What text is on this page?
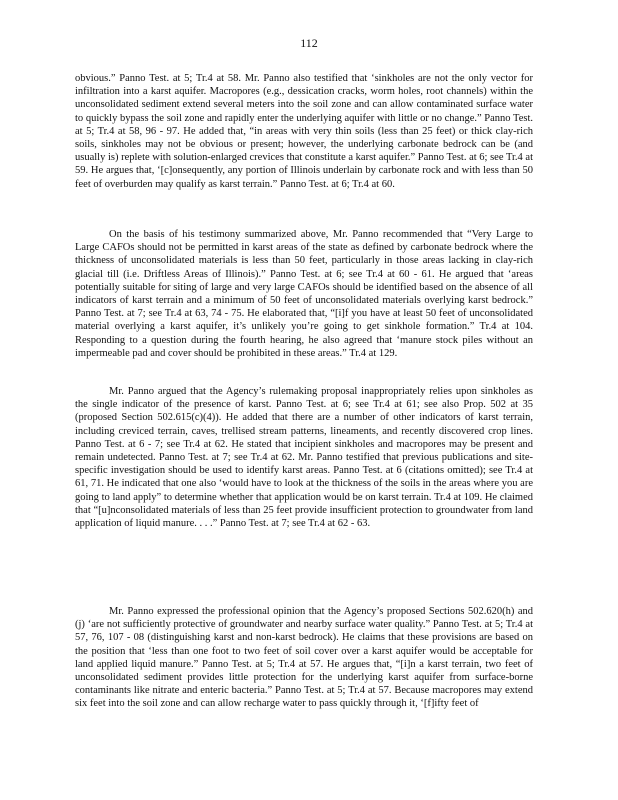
112

obvious.” Panno Test. at 5; Tr.4 at 58. Mr. Panno also testified that ‘sinkholes are not the only vector for infiltration into a karst aquifer. Macropores (e.g., dessication cracks, worm holes, root channels) within the unconsolidated sediment extend several meters into the soil zone and can allow contaminated surface water to quickly bypass the soil zone and rapidly enter the underlying aquifer with little or no change.” Panno Test. at 5; Tr.4 at 58, 96 - 97. He added that, “in areas with very thin soils (less than 25 feet) or thick clay-rich soils, sinkholes may not be obvious or present; however, the underlying carbonate bedrock can be (and usually is) replete with solution-enlarged crevices that constitute a karst aquifer.” Panno Test. at 6; see Tr.4 at 59. He argues that, ‘[c]onsequently, any portion of Illinois underlain by carbonate rock and with less than 50 feet of overburden may qualify as karst terrain.” Panno Test. at 6; Tr.4 at 60.

On the basis of his testimony summarized above, Mr. Panno recommended that “Very Large to Large CAFOs should not be permitted in karst areas of the state as defined by carbonate bedrock where the thickness of unconsolidated materials is less than 50 feet, particularly in those areas lacking in clay-rich glacial till (i.e. Driftless Areas of Illinois).” Panno Test. at 6; see Tr.4 at 60 - 61. He argued that ‘areas potentially suitable for siting of large and very large CAFOs should be identified based on the absence of all indicators of karst terrain and a minimum of 50 feet of unconsolidated materials overlying karst bedrock.” Panno Test. at 7; see Tr.4 at 63, 74 - 75. He elaborated that, “[i]f you have at least 50 feet of unconsolidated material overlying a karst aquifer, it’s unlikely you’re going to get sinkhole formation.” Tr.4 at 104. Responding to a question during the fourth hearing, he also agreed that ‘manure stock piles without an impermeable pad and cover should be prohibited in these areas.” Tr.4 at 129.

Mr. Panno argued that the Agency’s rulemaking proposal inappropriately relies upon sinkholes as the single indicator of the presence of karst. Panno Test. at 6; see Tr.4 at 61; see also Prop. 502 at 35 (proposed Section 502.615(c)(4)). He added that there are a number of other indicators of karst terrain, including creviced terrain, caves, trellised stream patterns, lineaments, and recently discovered crop lines. Panno Test. at 6 - 7; see Tr.4 at 62. He stated that incipient sinkholes and macropores may be present and remain undetected. Panno Test. at 7; see Tr.4 at 62. Mr. Panno testified that previous publications and site-specific investigation should be used to identify karst areas. Panno Test. at 6 (citations omitted); see Tr.4 at 61, 71. He indicated that one also ‘would have to look at the thickness of the soils in the areas where you are going to land apply” to determine whether that application would be on karst terrain. Tr.4 at 109. He claimed that “[u]nconsolidated materials of less than 25 feet provide insufficient protection to groundwater from land application of liquid manure. . . .” Panno Test. at 7; see Tr.4 at 62 - 63.

Mr. Panno expressed the professional opinion that the Agency’s proposed Sections 502.620(h) and (j) ‘are not sufficiently protective of groundwater and nearby surface water quality.” Panno Test. at 5; Tr.4 at 57, 76, 107 - 08 (distinguishing karst and non-karst bedrock). He claims that these provisions are based on the position that ‘less than one foot to two feet of soil cover over a karst aquifer would be acceptable for land applied liquid manure.” Panno Test. at 5; Tr.4 at 57. He argues that, “[i]n a karst terrain, two feet of unconsolidated sediment provides little protection for the underlying karst aquifer from surface-borne contaminants like nitrate and enteric bacteria.” Panno Test. at 5; Tr.4 at 57. Because macropores may extend six feet into the soil zone and can allow recharge water to pass quickly through it, ‘[f]ifty feet of
